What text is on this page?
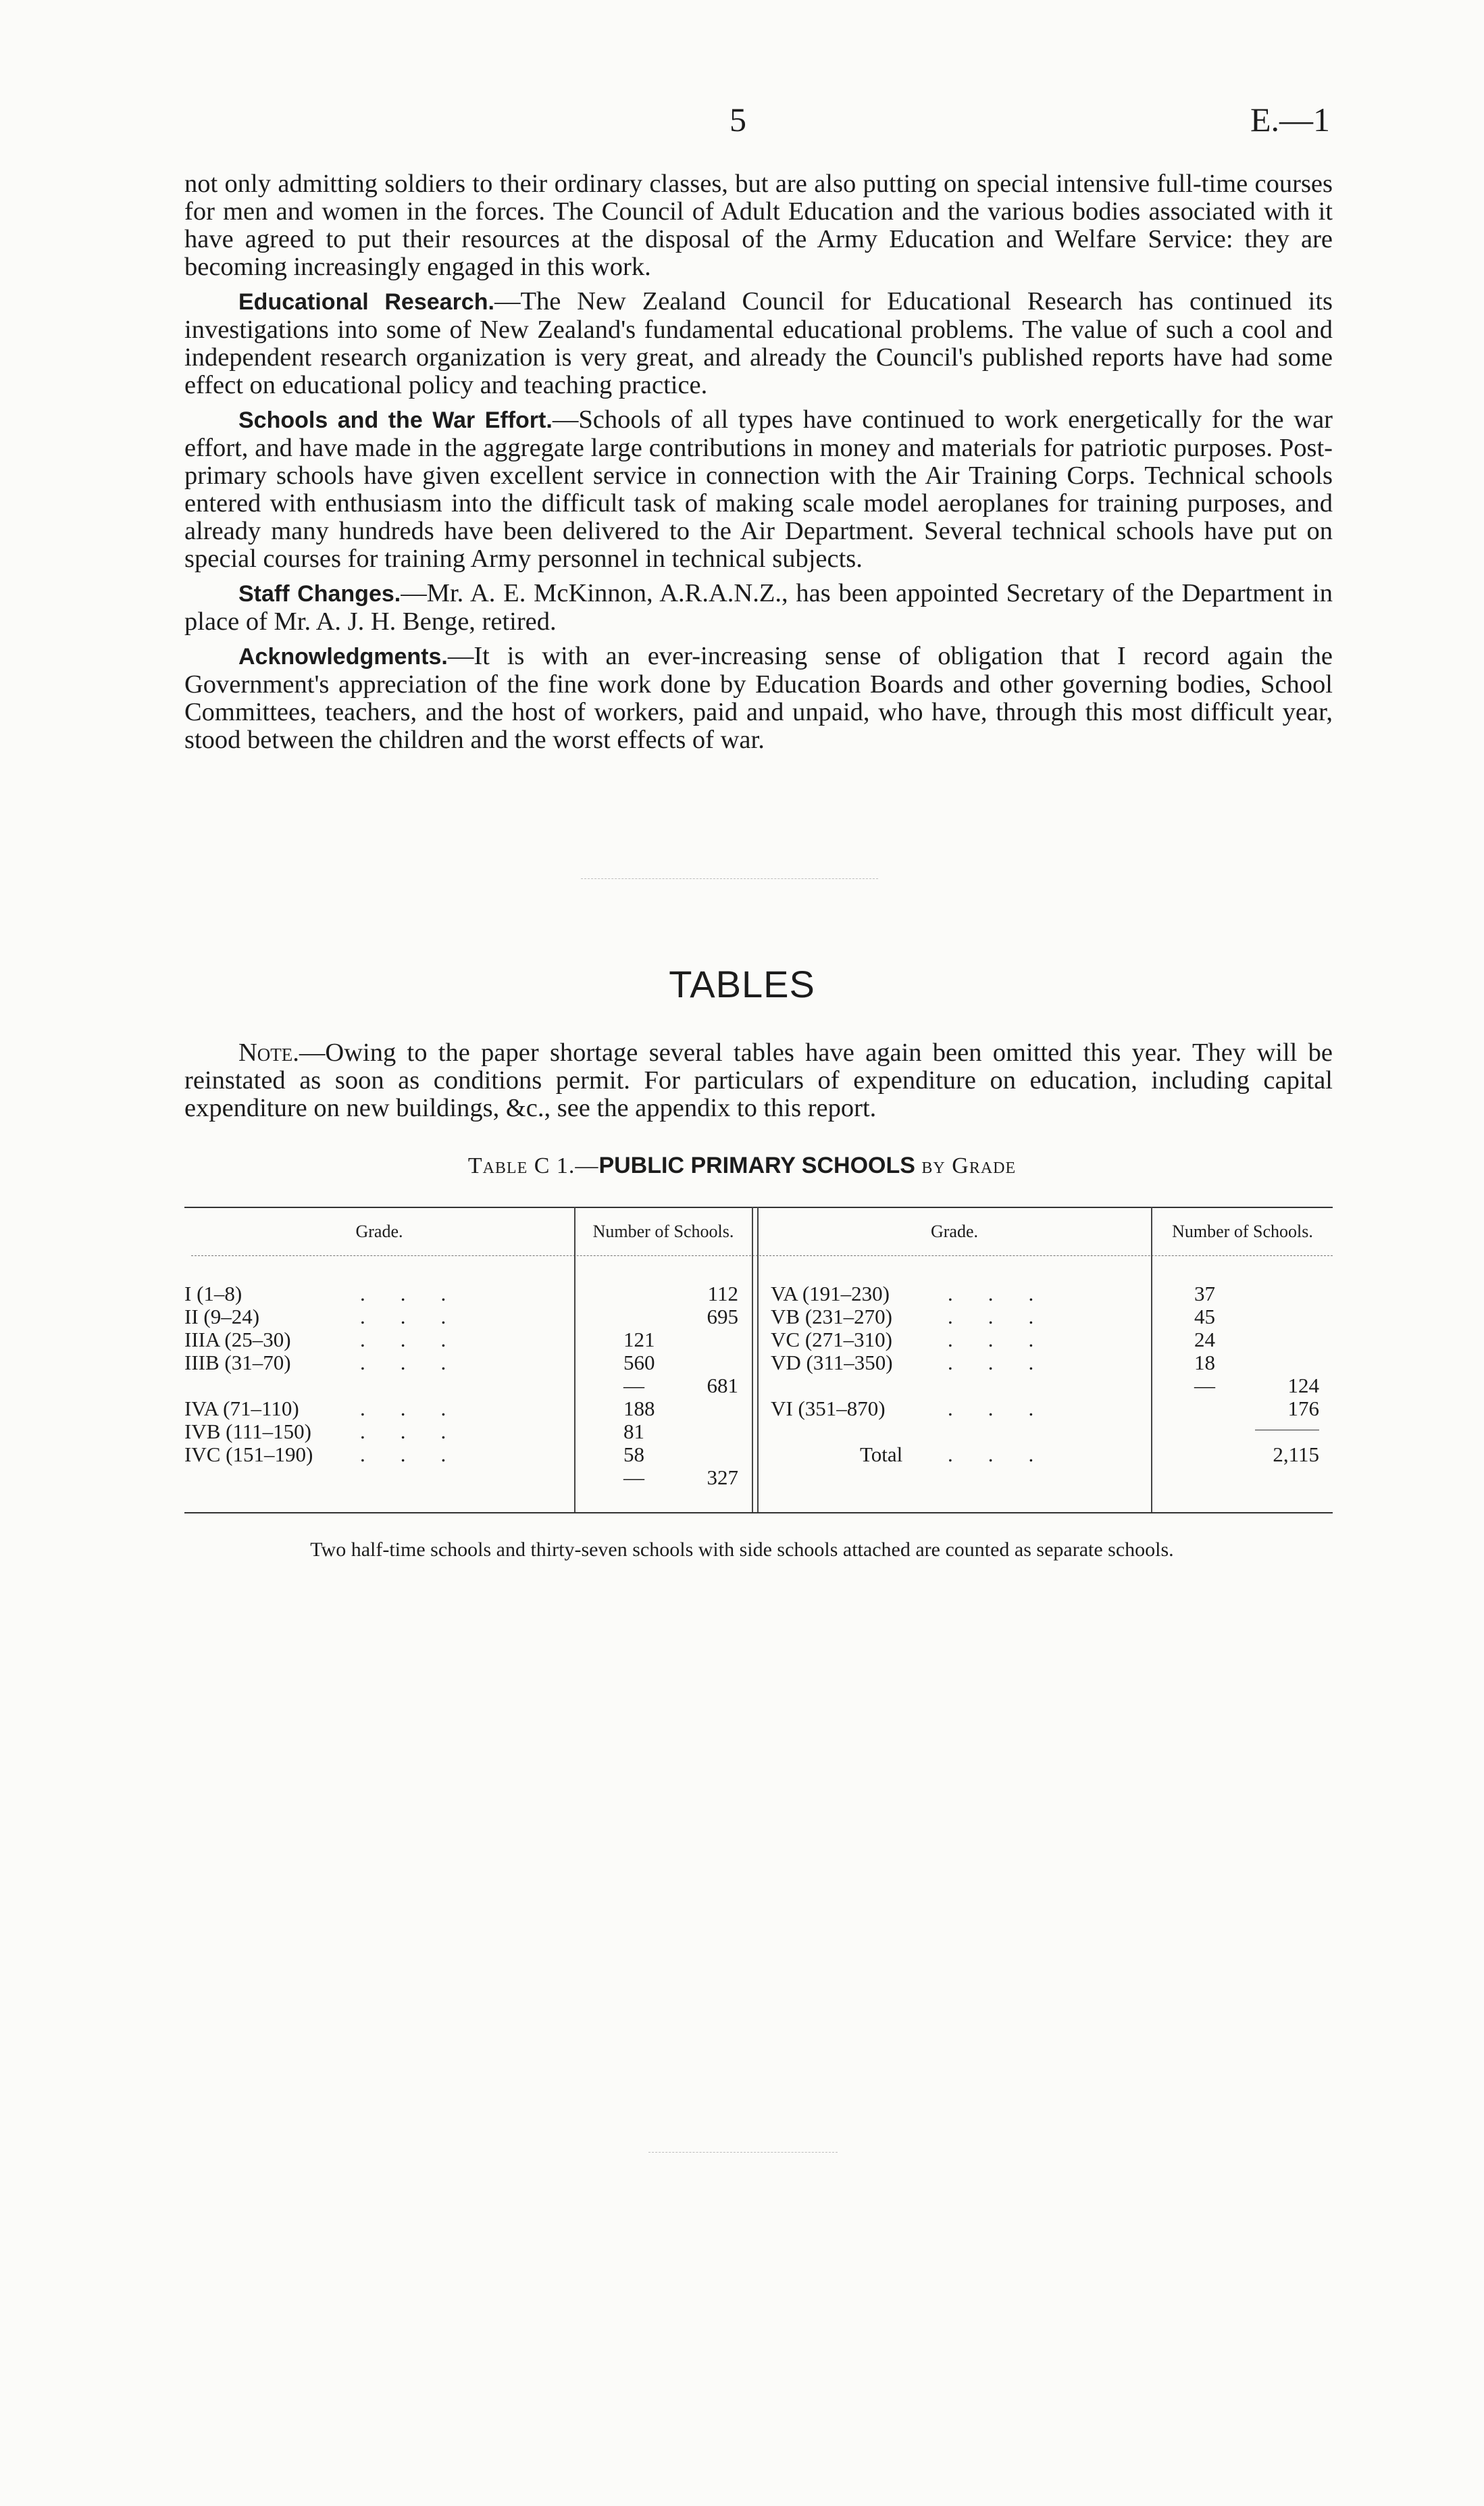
5	E.—1

not only admitting soldiers to their ordinary classes, but are also putting on special intensive full-time courses for men and women in the forces. The Council of Adult Education and the various bodies associated with it have agreed to put their resources at the disposal of the Army Education and Welfare Service: they are becoming increasingly engaged in this work.

Educational Research.—The New Zealand Council for Educational Research has continued its investigations into some of New Zealand's fundamental educational problems. The value of such a cool and independent research organization is very great, and already the Council's published reports have had some effect on educational policy and teaching practice.

Schools and the War Effort.—Schools of all types have continued to work energetically for the war effort, and have made in the aggregate large contributions in money and materials for patriotic purposes. Post-primary schools have given excellent service in connection with the Air Training Corps. Technical schools entered with enthusiasm into the difficult task of making scale model aeroplanes for training purposes, and already many hundreds have been delivered to the Air Department. Several technical schools have put on special courses for training Army personnel in technical subjects.

Staff Changes.—Mr. A. E. McKinnon, A.R.A.N.Z., has been appointed Secretary of the Department in place of Mr. A. J. H. Benge, retired.

Acknowledgments.—It is with an ever-increasing sense of obligation that I record again the Government's appreciation of the fine work done by Education Boards and other governing bodies, School Committees, teachers, and the host of workers, paid and unpaid, who have, through this most difficult year, stood between the children and the worst effects of war.

TABLES

Note.—Owing to the paper shortage several tables have again been omitted this year. They will be reinstated as soon as conditions permit. For particulars of expenditure on education, including capital expenditure on new buildings, &c., see the appendix to this report.

Table C 1.—PUBLIC PRIMARY SCHOOLS by Grade
Grade.	Number of Schools.	Grade.	Number of Schools.
I (1–8)	...	112
II (9–24)	...	695
IIIA (25–30)	...	121
IIIB (31–70)	...	560
—	681
IVA (71–110)	...	188
IVB (111–150) ...	81
IVC (151–190) ...	58
—	327
VA (191–230)	...	37
VB (231–270)	...	45
VC (271–310)	...	24
VD (311–350)	...	18
—	124
VI (351–870)	...	176
Total ...	2,115
Two half-time schools and thirty-seven schools with side schools attached are counted as separate schools.
